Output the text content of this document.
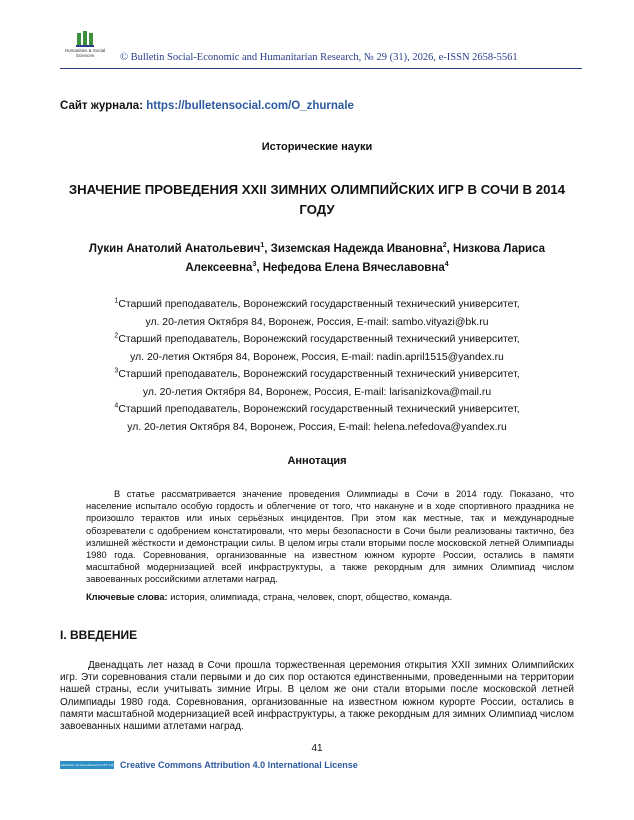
Humanities & Social Sciences	© Bulletin Social-Economic and Humanitarian Research, № 29 (31), 2026, e-ISSN 2658-5561
Сайт журнала: https://bulletensocial.com/O_zhurnale
Исторические науки
ЗНАЧЕНИЕ ПРОВЕДЕНИЯ XXII ЗИМНИХ ОЛИМПИЙСКИХ ИГР В СОЧИ В 2014 ГОДУ
Лукин Анатолий Анатольевич$^1$, Зиземская Надежда Ивановна$^2$, Низкова Лариса Алексеевна$^3$, Нефедова Елена Вячеславовна$^4$
$^1$Старший преподаватель, Воронежский государственный технический университет,
ул. 20-летия Октября 84, Воронеж, Россия, E-mail: sambo.vityazi@bk.ru
$^2$Старший преподаватель, Воронежский государственный технический университет,
ул. 20-летия Октября 84, Воронеж, Россия, E-mail: nadin.april1515@yandex.ru
$^3$Старший преподаватель, Воронежский государственный технический университет,
ул. 20-летия Октября 84, Воронеж, Россия, E-mail: larisanizkova@mail.ru
$^4$Старший преподаватель, Воронежский государственный технический университет,
ул. 20-летия Октября 84, Воронеж, Россия, E-mail: helena.nefedova@yandex.ru
Аннотация
В статье рассматривается значение проведения Олимпиады в Сочи в 2014 году. Показано, что население испытало особую гордость и облегчение от того, что накануне и в ходе спортивного праздника не произошло терактов или иных серьёзных инцидентов. При этом как местные, так и международные обозреватели с одобрением констатировали, что меры безопасности в Сочи были реализованы тактично, без излишней жёсткости и демонстрации силы. В целом игры стали вторыми после московской летней Олимпиады 1980 года. Соревнования, организованные на известном южном курорте России, остались в памяти масштабной модернизацией всей инфраструктуры, а также рекордным для зимних Олимпиад числом завоеванных российскими атлетами наград.
Ключевые слова: история, олимпиада, страна, человек, спорт, общество, команда.
I. ВВЕДЕНИЕ
Двенадцать лет назад в Сочи прошла торжественная церемония открытия XXII зимних Олимпийских игр. Эти соревнования стали первыми и до сих пор остаются единственными, проведенными на территории нашей страны, если учитывать зимние Игры. В целом же они стали вторыми после московской летней Олимпиады 1980 года. Соревнования, организованные на известном южном курорте России, остались в памяти масштабной модернизацией всей инфраструктуры, а также рекордным для зимних Олимпиад числом завоеванных нашими атлетами наград.
41
Attribution 4.0 International (CC BY 4.0) Creative Commons Attribution 4.0 International License
